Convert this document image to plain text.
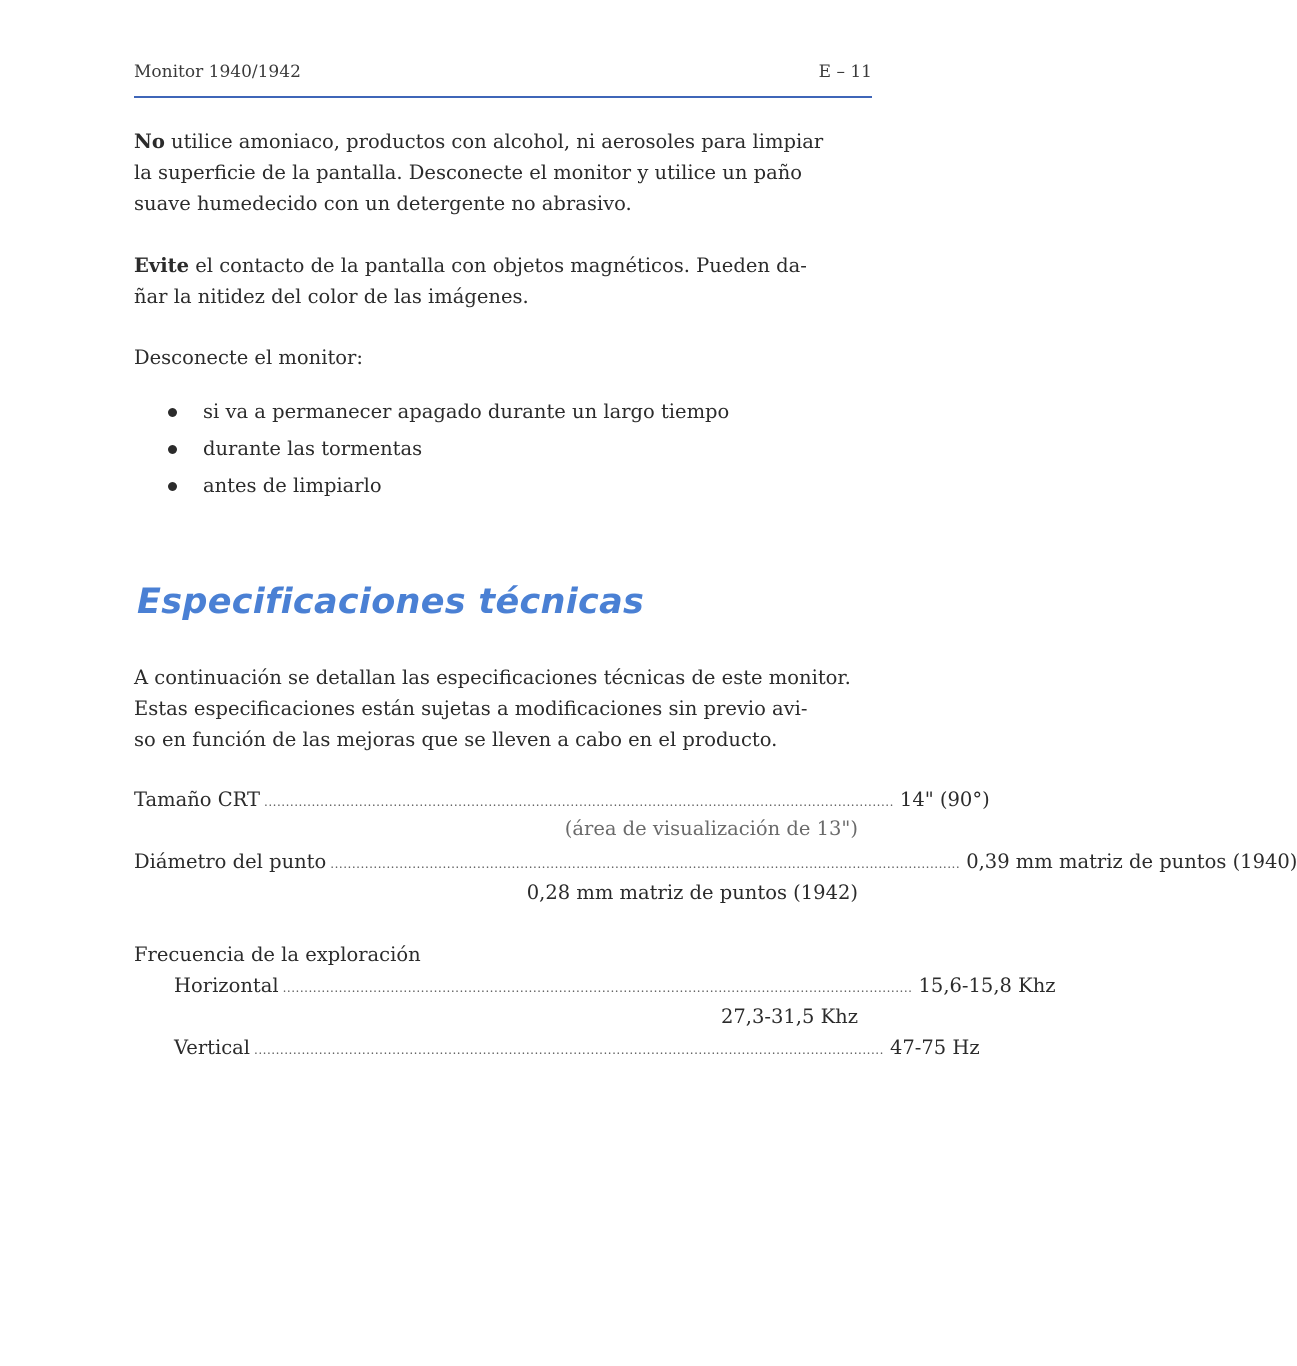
Monitor 1940/1942	E – 11

No utilice amoniaco, productos con alcohol, ni aerosoles para limpiar
la superficie de la pantalla. Desconecte el monitor y utilice un paño
suave humedecido con un detergente no abrasivo.

Evite el contacto de la pantalla con objetos magnéticos. Pueden da-
ñar la nitidez del color de las imágenes.

Desconecte el monitor:

si va a permanecer apagado durante un largo tiempo
durante las tormentas
antes de limpiarlo
Especificaciones técnicas

A continuación se detallan las especificaciones técnicas de este monitor.
Estas especificaciones están sujetas a modificaciones sin previo avi-
so en función de las mejoras que se lleven a cabo en el producto.

Tamaño CRT .................................................................................................................................................. 14" (90°)
(área de visualización de 13")
Diámetro del punto .................................................................................................................................................. 0,39 mm matriz de puntos (1940)
0,28 mm matriz de puntos (1942)
Frecuencia de la exploración
Horizontal .................................................................................................................................................. 15,6-15,8 Khz
27,3-31,5 Khz
Vertical .................................................................................................................................................. 47-75 Hz
